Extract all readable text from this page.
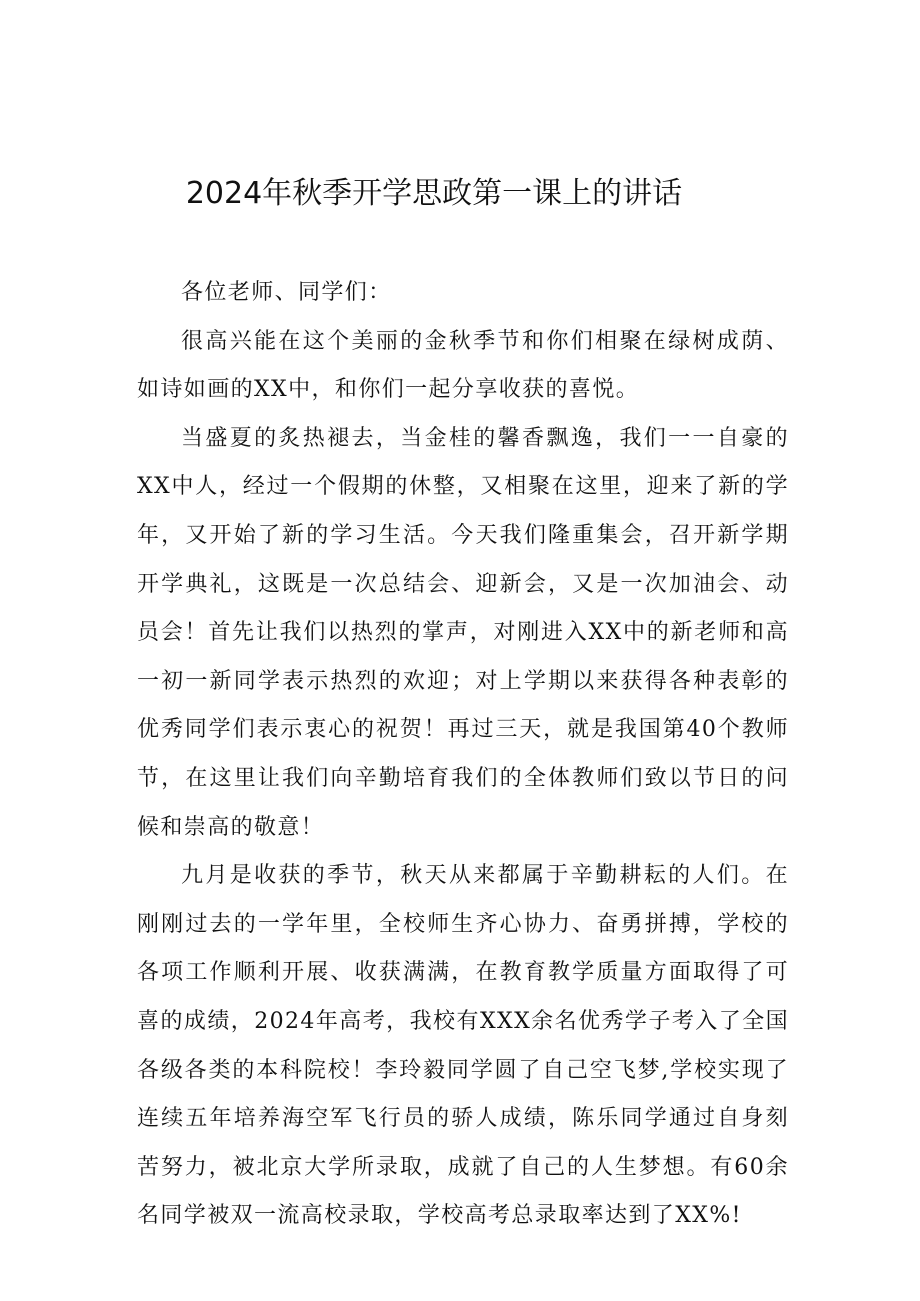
2024年秋季开学思政第一课上的讲话

各位老师、同学们：

很高兴能在这个美丽的金秋季节和你们相聚在绿树成荫、如诗如画的XX中，和你们一起分享收获的喜悦。

当盛夏的炙热褪去，当金桂的馨香飘逸，我们一一自豪的XX中人，经过一个假期的休整，又相聚在这里，迎来了新的学年，又开始了新的学习生活。今天我们隆重集会，召开新学期开学典礼，这既是一次总结会、迎新会，又是一次加油会、动员会！首先让我们以热烈的掌声，对刚进入XX中的新老师和高一初一新同学表示热烈的欢迎；对上学期以来获得各种表彰的优秀同学们表示衷心的祝贺！再过三天，就是我国第40个教师节，在这里让我们向辛勤培育我们的全体教师们致以节日的问候和崇高的敬意！

九月是收获的季节，秋天从来都属于辛勤耕耘的人们。在刚刚过去的一学年里，全校师生齐心协力、奋勇拼搏，学校的各项工作顺利开展、收获满满，在教育教学质量方面取得了可喜的成绩，2024年高考，我校有XXX余名优秀学子考入了全国各级各类的本科院校！李玲毅同学圆了自己空飞梦,学校实现了连续五年培养海空军飞行员的骄人成绩，陈乐同学通过自身刻苦努力，被北京大学所录取，成就了自己的人生梦想。有60余名同学被双一流高校录取，学校高考总录取率达到了XX%!
